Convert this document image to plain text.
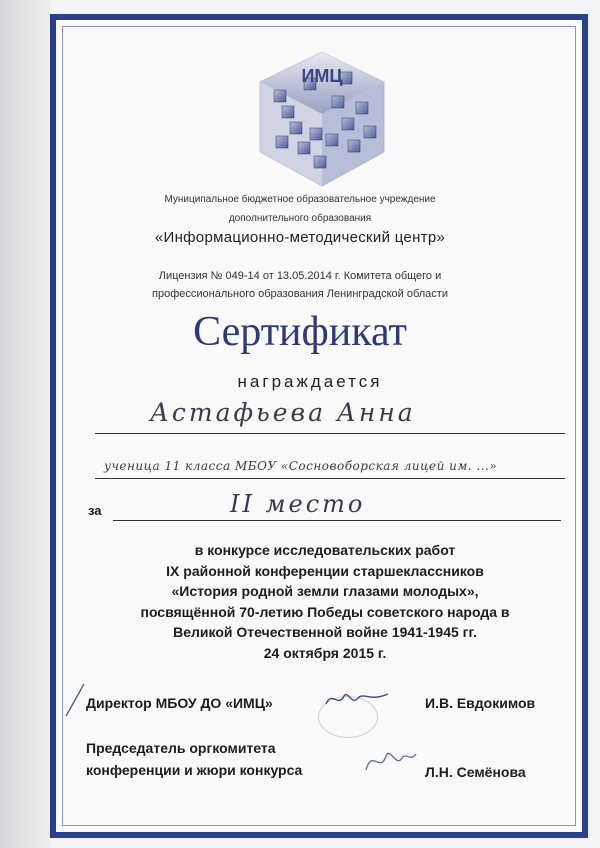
ИМЦ
Муниципальное бюджетное образовательное учреждение
дополнительного образования
«Информационно-методический центр»
Лицензия № 049-14 от 13.05.2014 г. Комитета общего и
профессионального образования Ленинградской области
Сертификат
награждается
Астафьева Анна
ученица 11 класса МБОУ «Сосновоборская лицей им. ...»
за	II место
в конкурсе исследовательских работ
IX районной конференции старшеклассников
«История родной земли глазами молодых»,
посвящённой 70-летию Победы советского народа в
Великой Отечественной войне 1941-1945 гг.
24 октября 2015 г.
Директор МБОУ ДО «ИМЦ»	И.В. Евдокимов
Председатель оргкомитета
конференции и жюри конкурса	Л.Н. Семёнова
